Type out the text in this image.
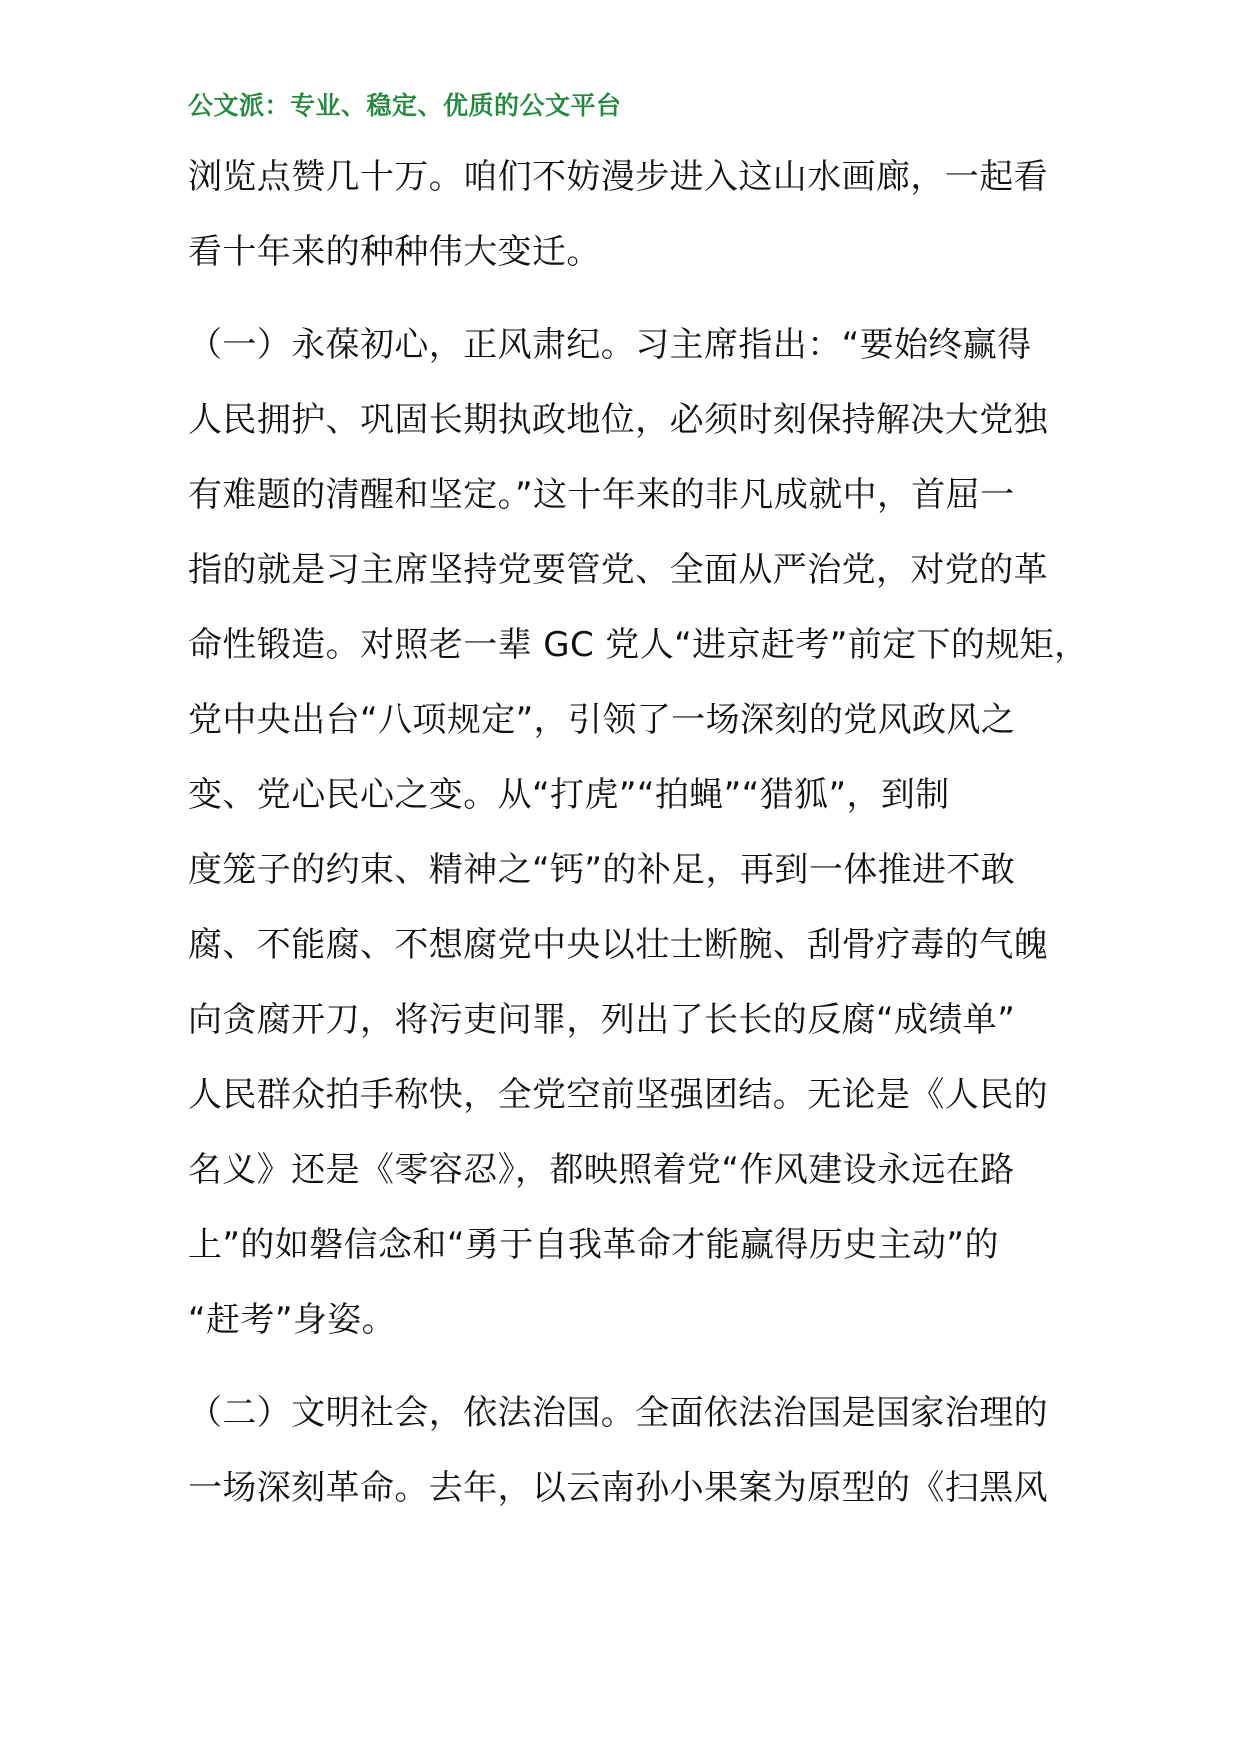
公文派：专业、稳定、优质的公文平台
浏览点赞几十万。咱们不妨漫步进入这山水画廊，一起看
看十年来的种种伟大变迁。
（一）永葆初心，正风肃纪。习主席指出：“要始终赢得
人民拥护、巩固长期执政地位，必须时刻保持解决大党独
有难题的清醒和坚定。”这十年来的非凡成就中，首屈一
指的就是习主席坚持党要管党、全面从严治党，对党的革
命性锻造。对照老一辈 GC 党人“进京赶考”前定下的规矩，
党中央出台“八项规定”，引领了一场深刻的党风政风之
变、党心民心之变。从“打虎”“拍蝇”“猎狐”，到制
度笼子的约束、精神之“钙”的补足，再到一体推进不敢
腐、不能腐、不想腐党中央以壮士断腕、刮骨疗毒的气魄
向贪腐开刀，将污吏问罪，列出了长长的反腐“成绩单”
人民群众拍手称快，全党空前坚强团结。无论是《人民的
名义》还是《零容忍》，都映照着党“作风建设永远在路
上”的如磐信念和“勇于自我革命才能赢得历史主动”的
“赶考”身姿。
（二）文明社会，依法治国。全面依法治国是国家治理的
一场深刻革命。去年，以云南孙小果案为原型的《扫黑风
